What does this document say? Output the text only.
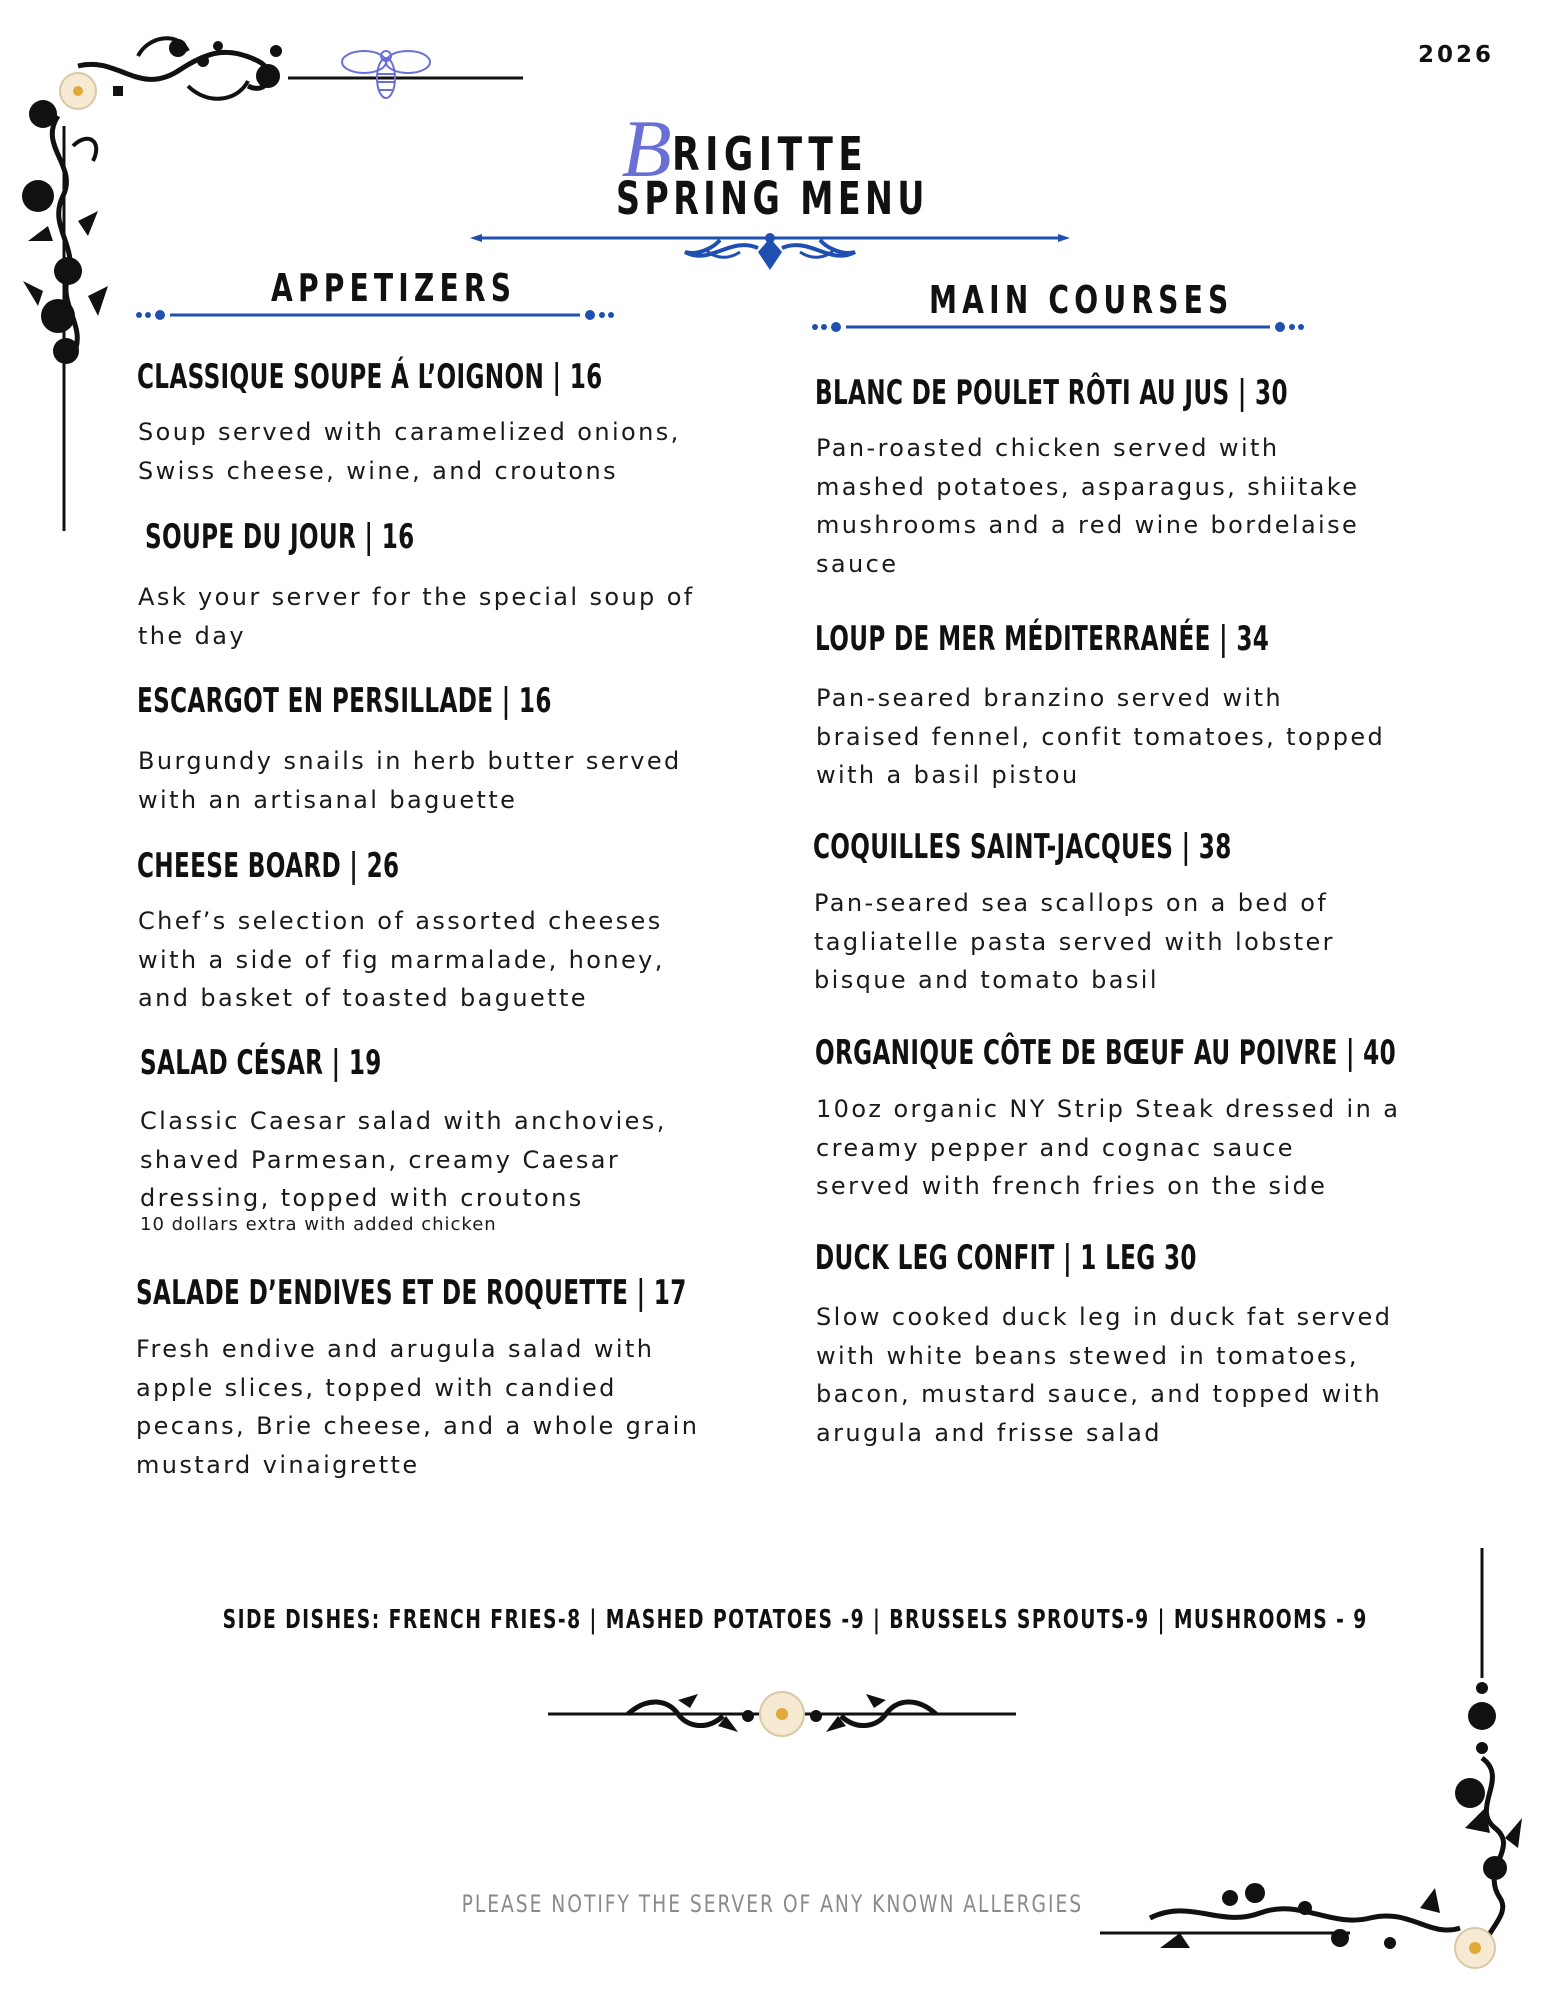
2026
BRIGITTE
SPRING MENU
APPETIZERS	MAIN COURSES
CLASSIQUE SOUPE Á L’OIGNON | 16
Soup served with caramelized onions,
Swiss cheese, wine, and croutons
SOUPE DU JOUR | 16
Ask your server for the special soup of
the day
ESCARGOT EN PERSILLADE | 16
Burgundy snails in herb butter served
with an artisanal baguette
CHEESE BOARD | 26
Chef’s selection of assorted cheeses
with a side of fig marmalade, honey,
and basket of toasted baguette
SALAD CÉSAR | 19
Classic Caesar salad with anchovies,
shaved Parmesan, creamy Caesar
dressing, topped with croutons
10 dollars extra with added chicken
SALADE D’ENDIVES ET DE ROQUETTE | 17
Fresh endive and arugula salad with
apple slices, topped with candied
pecans, Brie cheese, and a whole grain
mustard vinaigrette
BLANC DE POULET RÔTI AU JUS | 30
Pan-roasted chicken served with
mashed potatoes, asparagus, shiitake
mushrooms and a red wine bordelaise
sauce
LOUP DE MER MÉDITERRANÉE | 34
Pan-seared branzino served with
braised fennel, confit tomatoes, topped
with a basil pistou
COQUILLES SAINT-JACQUES | 38
Pan-seared sea scallops on a bed of
tagliatelle pasta served with lobster
bisque and tomato basil
ORGANIQUE CÔTE DE BŒUF AU POIVRE | 40
10oz organic NY Strip Steak dressed in a
creamy pepper and cognac sauce
served with french fries on the side
DUCK LEG CONFIT | 1 LEG 30
Slow cooked duck leg in duck fat served
with white beans stewed in tomatoes,
bacon, mustard sauce, and topped with
arugula and frisse salad
SIDE DISHES: FRENCH FRIES-8 | MASHED POTATOES -9 | BRUSSELS SPROUTS-9 | MUSHROOMS - 9
PLEASE NOTIFY THE SERVER OF ANY KNOWN ALLERGIES
